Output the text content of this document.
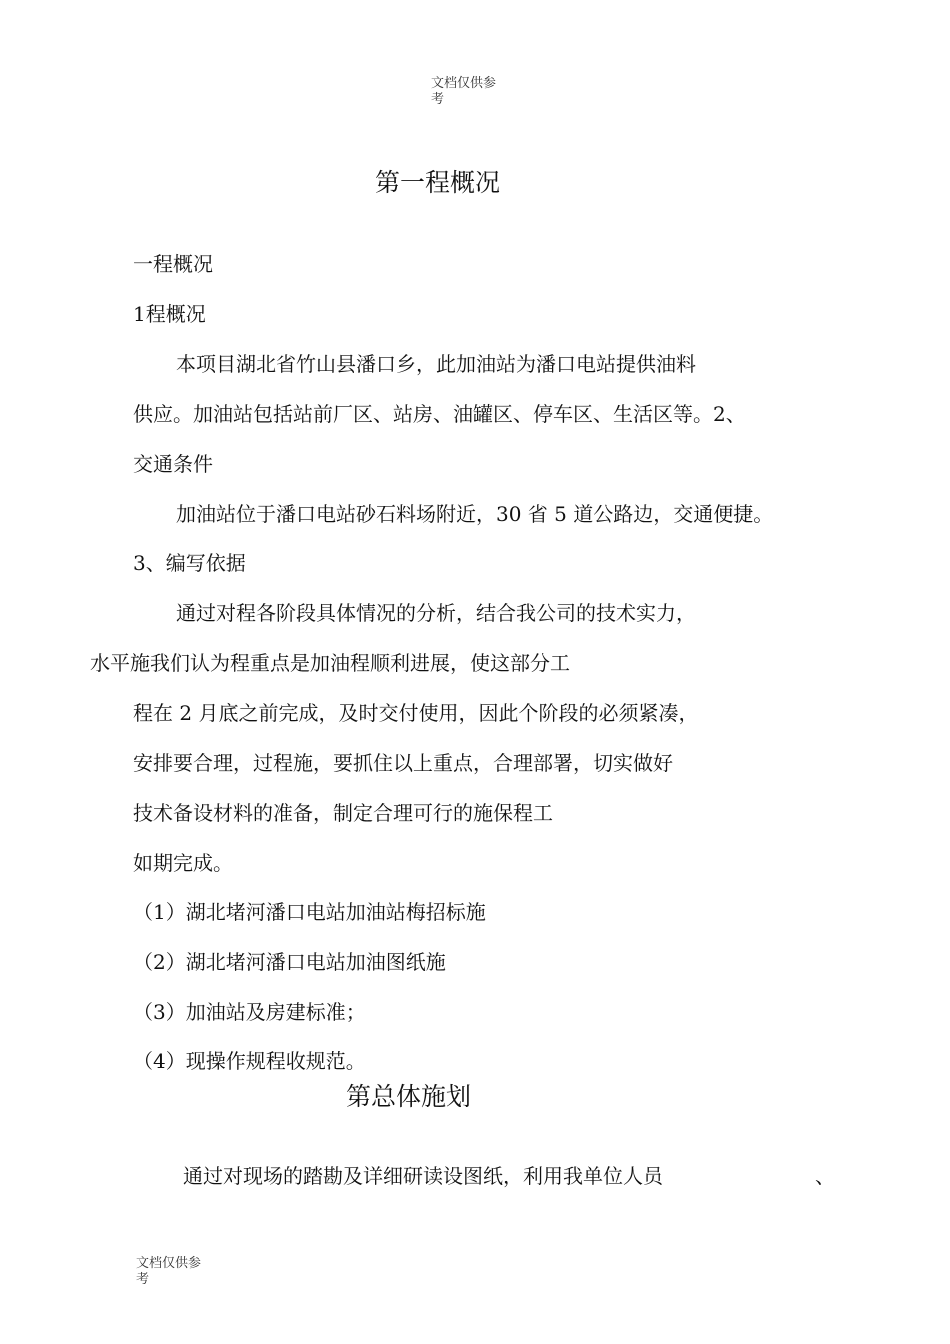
文档仅供参
考
第一程概况
一程概况
1程概况
本项目湖北省竹山县潘口乡，此加油站为潘口电站提供油料
供应。加油站包括站前厂区、站房、油罐区、停车区、生活区等。2、
交通条件
加油站位于潘口电站砂石料场附近，30 省 5 道公路边，交通便捷。
3、编写依据
通过对程各阶段具体情况的分析，结合我公司的技术实力，
水平施我们认为程重点是加油程顺利进展，使这部分工
程在 2 月底之前完成，及时交付使用，因此个阶段的必须紧凑，
安排要合理，过程施，要抓住以上重点，合理部署，切实做好
技术备设材料的准备，制定合理可行的施保程工
如期完成。
（1）湖北堵河潘口电站加油站梅招标施
（2）湖北堵河潘口电站加油图纸施
（3）加油站及房建标准；
（4）现操作规程收规范。
第总体施划
通过对现场的踏勘及详细研读设图纸，利用我单位人员	、
文档仅供参
考
